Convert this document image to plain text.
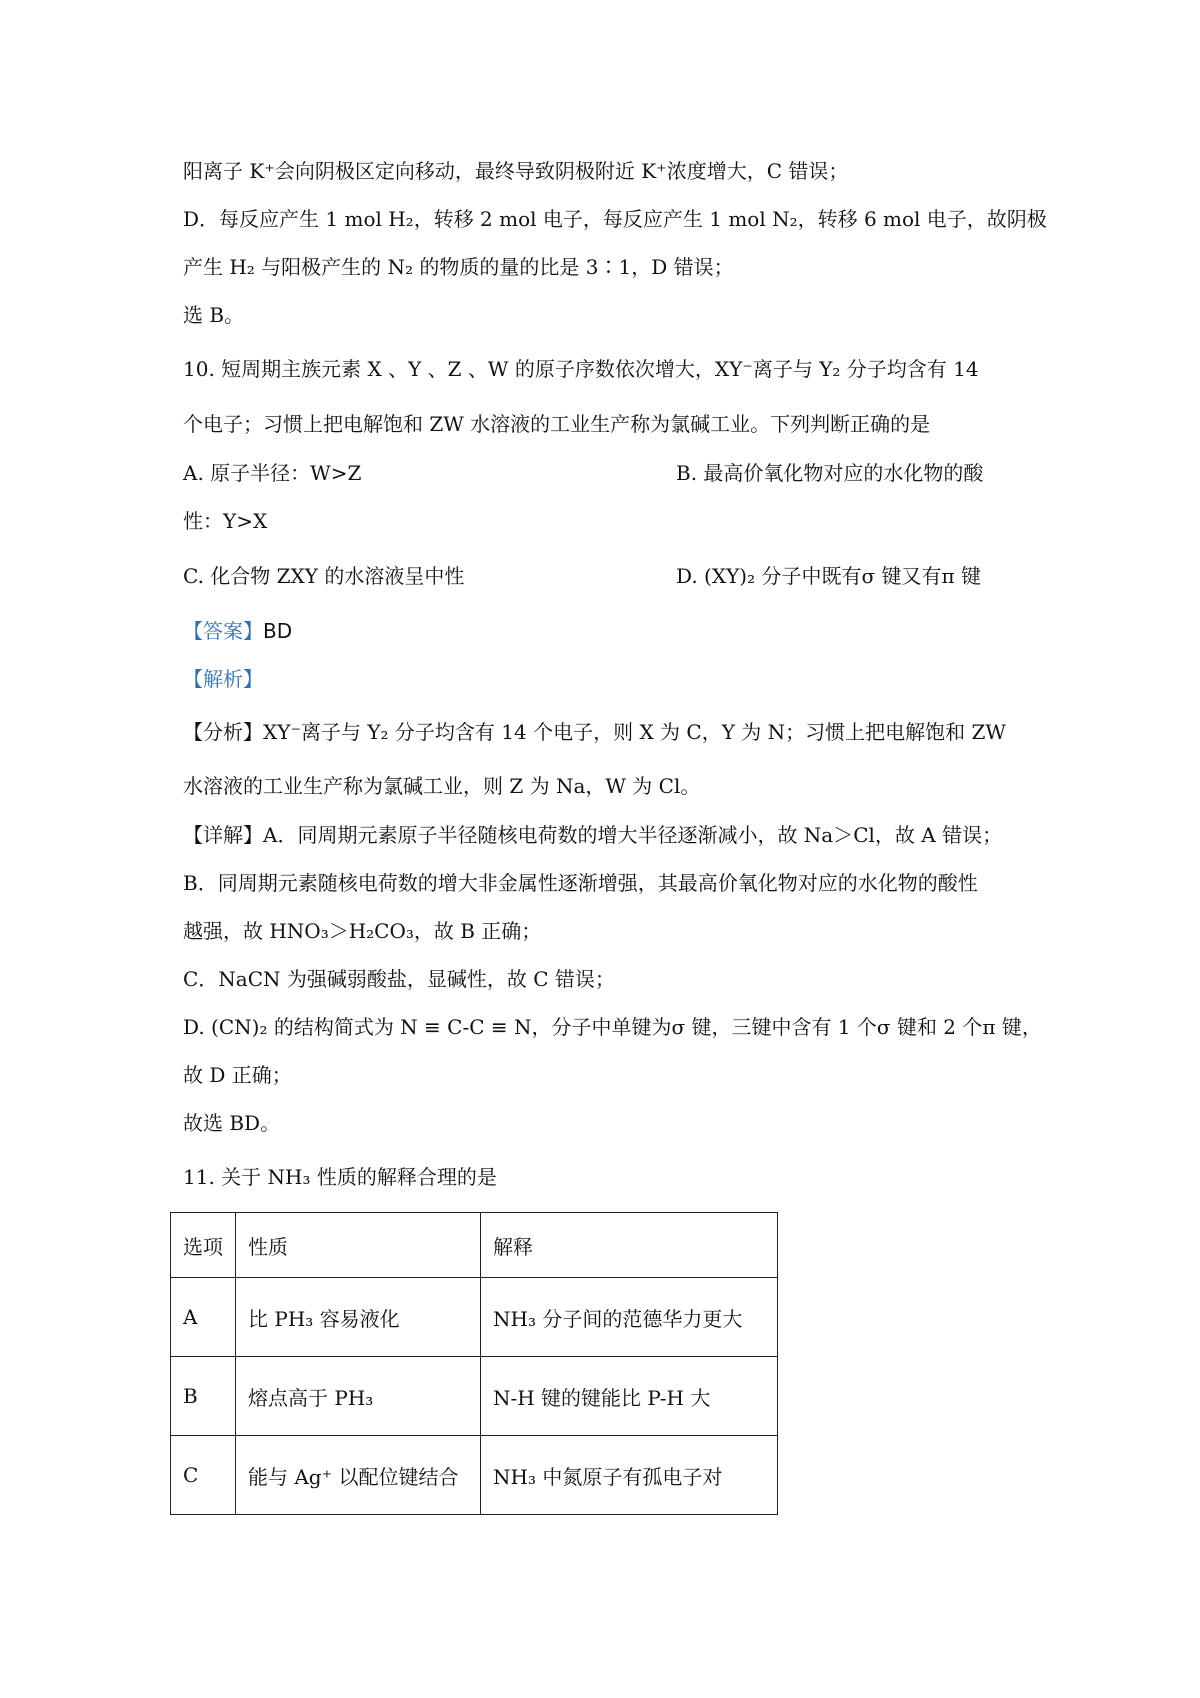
阳离子 K⁺会向阴极区定向移动，最终导致阴极附近 K⁺浓度增大，C 错误；
D．每反应产生 1 mol H₂，转移 2 mol 电子，每反应产生 1 mol N₂，转移 6 mol 电子，故阴极
产生 H₂ 与阳极产生的 N₂ 的物质的量的比是 3∶1，D 错误；
选 B。
10. 短周期主族元素 X 、Y 、Z 、W 的原子序数依次增大，XY⁻离子与 Y₂ 分子均含有 14
个电子；习惯上把电解饱和 ZW 水溶液的工业生产称为氯碱工业。下列判断正确的是
A. 原子半径：W>Z	B. 最高价氧化物对应的水化物的酸
性：Y>X
C. 化合物 ZXY 的水溶液呈中性	D. (XY)₂ 分子中既有σ 键又有π 键
【答案】BD
【解析】
【分析】XY⁻离子与 Y₂ 分子均含有 14 个电子，则 X 为 C，Y 为 N；习惯上把电解饱和 ZW
水溶液的工业生产称为氯碱工业，则 Z 为 Na，W 为 Cl。
【详解】A．同周期元素原子半径随核电荷数的增大半径逐渐减小，故 Na＞Cl，故 A 错误；
B．同周期元素随核电荷数的增大非金属性逐渐增强，其最高价氧化物对应的水化物的酸性
越强，故 HNO₃＞H₂CO₃，故 B 正确；
C．NaCN 为强碱弱酸盐，显碱性，故 C 错误；
D. (CN)₂ 的结构简式为 N ≡ C-C ≡ N，分子中单键为σ 键，三键中含有 1 个σ 键和 2 个π 键，
故 D 正确；
故选 BD。
11. 关于 NH₃ 性质的解释合理的是
选项	性质	解释
A	比 PH₃ 容易液化	NH₃ 分子间的范德华力更大
B	熔点高于 PH₃	N-H 键的键能比 P-H 大
C	能与 Ag⁺ 以配位键结合	NH₃ 中氮原子有孤电子对
